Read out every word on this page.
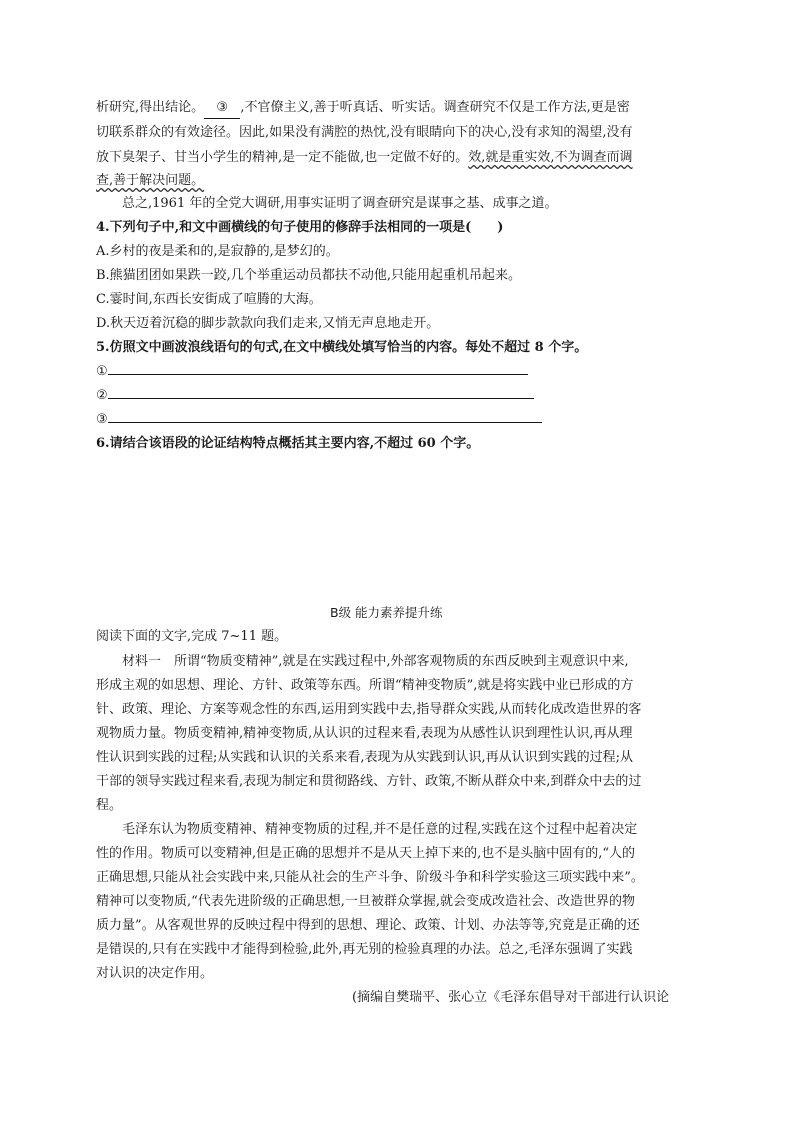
析研究,得出结论。 ③ ,不官僚主义,善于听真话、听实话。调查研究不仅是工作方法,更是密
切联系群众的有效途径。因此,如果没有满腔的热忱,没有眼睛向下的决心,没有求知的渴望,没有
放下臭架子、甘当小学生的精神,是一定不能做,也一定做不好的。效,就是重实效,不为调查而调
查,善于解决问题。
总之,1961 年的全党大调研,用事实证明了调查研究是谋事之基、成事之道。
4.下列句子中,和文中画横线的句子使用的修辞手法相同的一项是(　　)
A.乡村的夜是柔和的,是寂静的,是梦幻的。
B.熊猫团团如果跌一跤,几个举重运动员都扶不动他,只能用起重机吊起来。
C.霎时间,东西长安街成了喧腾的大海。
D.秋天迈着沉稳的脚步款款向我们走来,又悄无声息地走开。
5.仿照文中画波浪线语句的句式,在文中横线处填写恰当的内容。每处不超过 8 个字。
①
②
③
6.请结合该语段的论证结构特点概括其主要内容,不超过 60 个字。
B级 能力素养提升练
阅读下面的文字,完成 7~11 题。
材料一　所谓“物质变精神”,就是在实践过程中,外部客观物质的东西反映到主观意识中来,
形成主观的如思想、理论、方针、政策等东西。所谓“精神变物质”,就是将实践中业已形成的方
针、政策、理论、方案等观念性的东西,运用到实践中去,指导群众实践,从而转化成改造世界的客
观物质力量。物质变精神,精神变物质,从认识的过程来看,表现为从感性认识到理性认识,再从理
性认识到实践的过程;从实践和认识的关系来看,表现为从实践到认识,再从认识到实践的过程;从
干部的领导实践过程来看,表现为制定和贯彻路线、方针、政策,不断从群众中来,到群众中去的过
程。
毛泽东认为物质变精神、精神变物质的过程,并不是任意的过程,实践在这个过程中起着决定
性的作用。物质可以变精神,但是正确的思想并不是从天上掉下来的,也不是头脑中固有的,“人的
正确思想,只能从社会实践中来,只能从社会的生产斗争、阶级斗争和科学实验这三项实践中来”。
精神可以变物质,“代表先进阶级的正确思想,一旦被群众掌握,就会变成改造社会、改造世界的物
质力量”。从客观世界的反映过程中得到的思想、理论、政策、计划、办法等等,究竟是正确的还
是错误的,只有在实践中才能得到检验,此外,再无别的检验真理的办法。总之,毛泽东强调了实践
对认识的决定作用。
(摘编自樊瑞平、张心立《毛泽东倡导对干部进行认识论
